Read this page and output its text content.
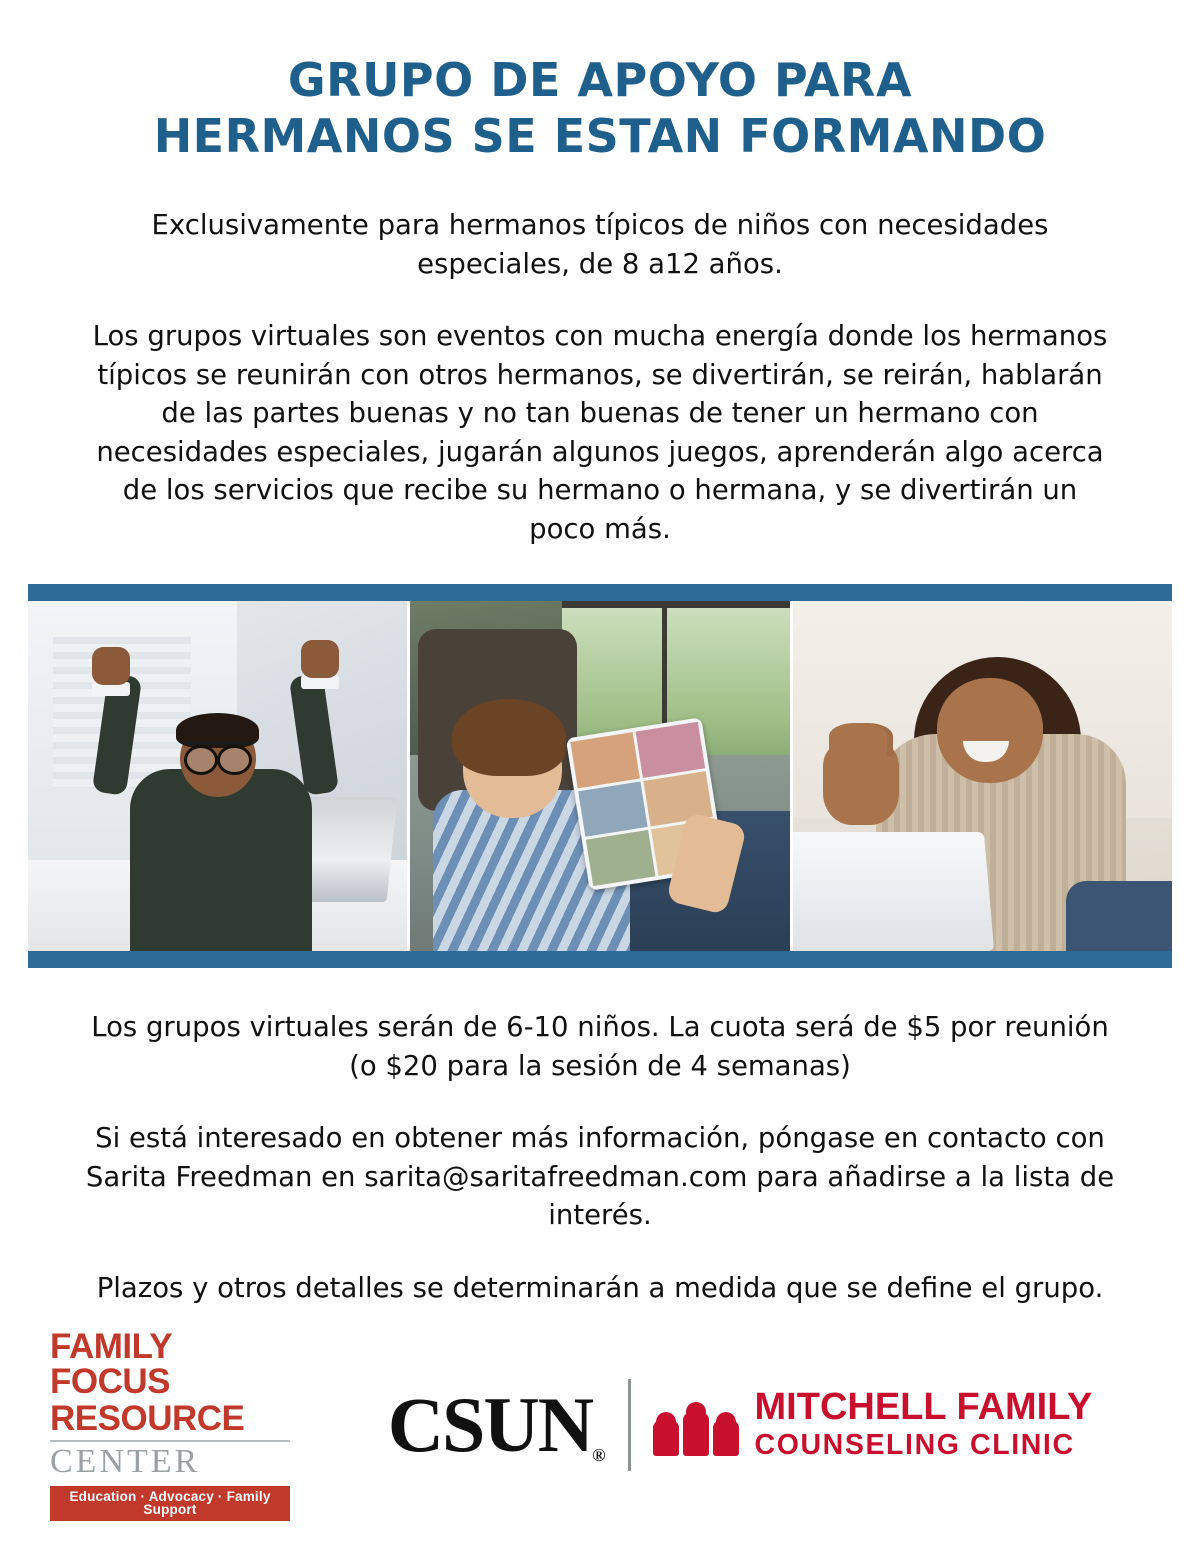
GRUPO DE APOYO PARA
HERMANOS SE ESTAN FORMANDO

Exclusivamente para hermanos típicos de niños con necesidades especiales, de 8 a12 años.

Los grupos virtuales son eventos con mucha energía donde los hermanos típicos se reunirán con otros hermanos, se divertirán, se reirán, hablarán de las partes buenas y no tan buenas de tener un hermano con necesidades especiales, jugarán algunos juegos, aprenderán algo acerca de los servicios que recibe su hermano o hermana, y se divertirán un poco más.

Los grupos virtuales serán de 6-10 niños. La cuota será de $5 por reunión (o $20 para la sesión de 4 semanas)

Si está interesado en obtener más información, póngase en contacto con Sarita Freedman en sarita@saritafreedman.com para añadirse a la lista de interés.

Plazos y otros detalles se determinarán a medida que se define el grupo.

FAMILY FOCUS
RESOURCE
CENTER
Education · Advocacy · Family Support
CSUN®
MITCHELL FAMILY
COUNSELING CLINIC
